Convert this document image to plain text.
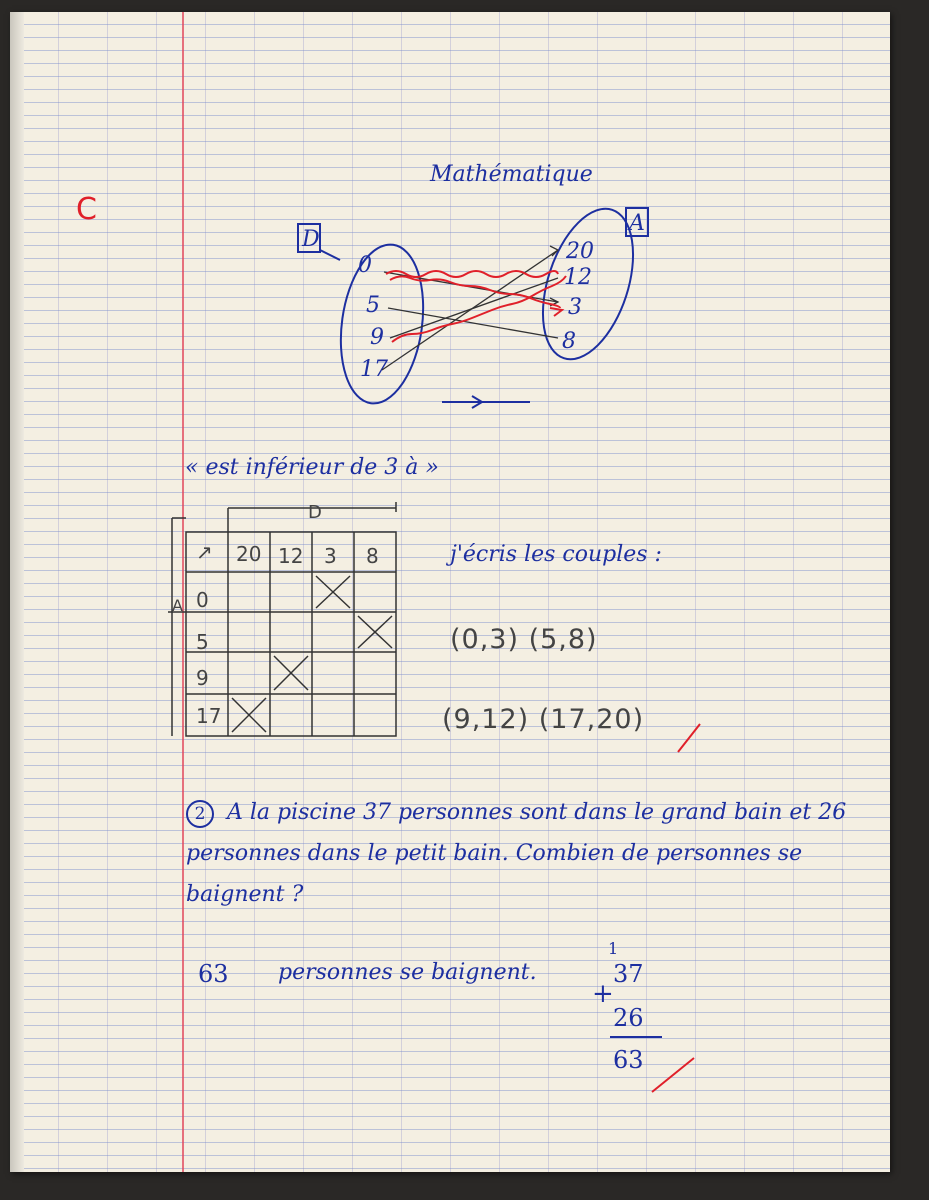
C
Mathématique
D
A
0
5
9
17
20
12
3
8
« est inférieur de 3 à »
↗
D
A
20 12 3 8
0
5
9
17
j'écris les couples :
(0,3) (5,8)
(9,12) (17,20)
2 A la piscine 37 personnes sont dans le grand bain et 26 personnes dans le petit bain. Combien de personnes se baignent ?
63 personnes se baignent.
1
+
37
26
63
